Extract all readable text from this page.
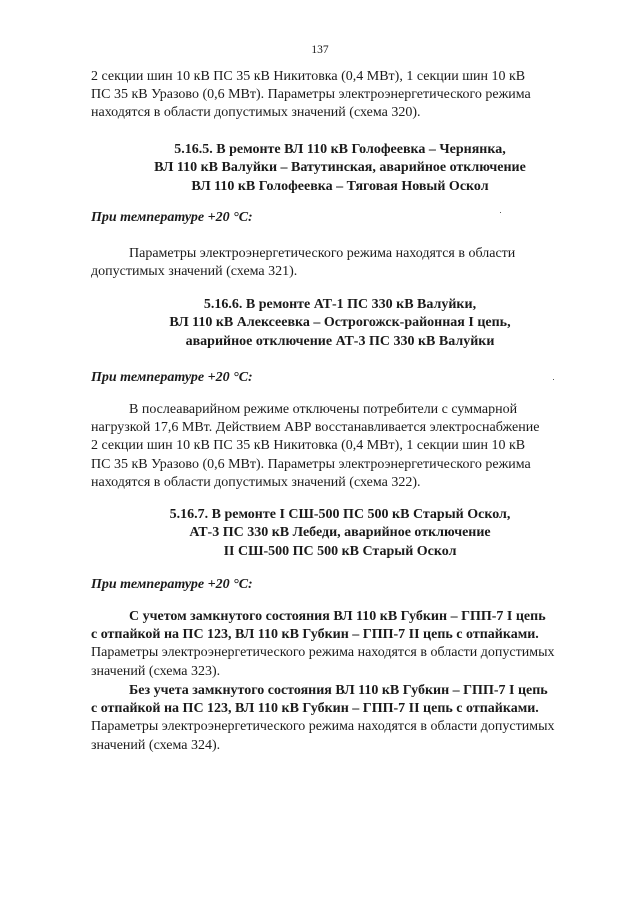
137
2 секции шин 10 кВ ПС 35 кВ Никитовка (0,4 МВт), 1 секции шин 10 кВ
ПС 35 кВ Уразово (0,6 МВт). Параметры электроэнергетического режима
находятся в области допустимых значений (схема 320).
5.16.5. В ремонте ВЛ 110 кВ Голофеевка – Чернянка,
ВЛ 110 кВ Валуйки – Ватутинская, аварийное отключение
ВЛ 110 кВ Голофеевка – Тяговая Новый Оскол
При температуре +20 °C:
Параметры электроэнергетического режима находятся в области
допустимых значений (схема 321).
5.16.6. В ремонте АТ-1 ПС 330 кВ Валуйки,
ВЛ 110 кВ Алексеевка – Острогожск-районная I цепь,
аварийное отключение АТ-3 ПС 330 кВ Валуйки
При температуре +20 °C:
В послеаварийном режиме отключены потребители с суммарной
нагрузкой 17,6 МВт. Действием АВР восстанавливается электроснабжение
2 секции шин 10 кВ ПС 35 кВ Никитовка (0,4 МВт), 1 секции шин 10 кВ
ПС 35 кВ Уразово (0,6 МВт). Параметры электроэнергетического режима
находятся в области допустимых значений (схема 322).
5.16.7. В ремонте I СШ-500 ПС 500 кВ Старый Оскол,
АТ-3 ПС 330 кВ Лебеди, аварийное отключение
II СШ-500 ПС 500 кВ Старый Оскол
При температуре +20 °C:
С учетом замкнутого состояния ВЛ 110 кВ Губкин – ГПП-7 I цепь
с отпайкой на ПС 123, ВЛ 110 кВ Губкин – ГПП-7 II цепь с отпайками.
Параметры электроэнергетического режима находятся в области допустимых
значений (схема 323).
Без учета замкнутого состояния ВЛ 110 кВ Губкин – ГПП-7 I цепь
с отпайкой на ПС 123, ВЛ 110 кВ Губкин – ГПП-7 II цепь с отпайками.
Параметры электроэнергетического режима находятся в области допустимых
значений (схема 324).
